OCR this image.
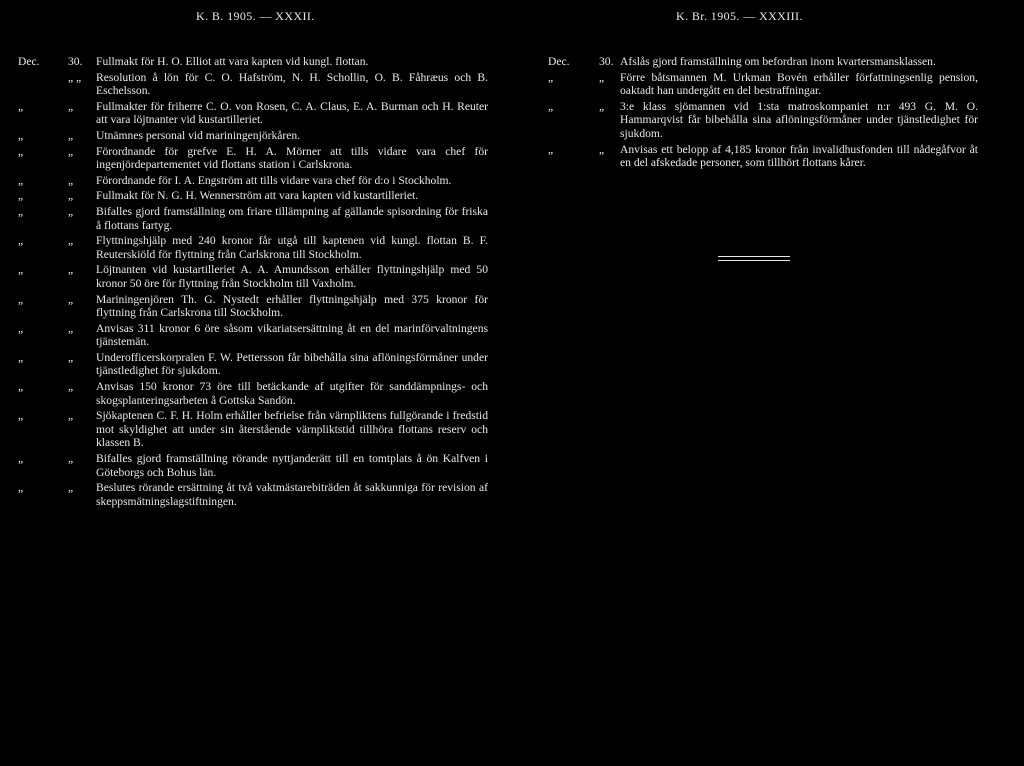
K. B. 1905. — XXXII.	K. Br. 1905. — XXXIII.
Dec.	30.	Fullmakt för H. O. Elliot att vara kapten vid kungl. flottan.
„ „	Resolution å lön för C. O. Hafström, N. H. Schollin, O. B. Fåhræus och B. Eschelsson.
„	„	Fullmakter för friherre C. O. von Rosen, C. A. Claus, E. A. Burman och H. Reuter att vara löjtnanter vid kustartilleriet.
„	„	Utnämnes personal vid mariningenjörkåren.
„	„	Förordnande för grefve E. H. A. Mörner att tills vidare vara chef för ingenjördepartementet vid flottans station i Carlskrona.
„	„	Förordnande för I. A. Engström att tills vidare vara chef för d:o i Stockholm.
„	„	Fullmakt för N. G. H. Wennerström att vara kapten vid kustartilleriet.
„	„	Bifalles gjord framställning om friare tillämpning af gällande spisordning för friska å flottans fartyg.
„	„	Flyttningshjälp med 240 kronor får utgå till kaptenen vid kungl. flottan B. F. Reuterskiöld för flyttning från Carlskrona till Stockholm.
„	„	Löjtnanten vid kustartilleriet A. A. Amundsson erhåller flyttningshjälp med 50 kronor 50 öre för flyttning från Stockholm till Vaxholm.
„	„	Mariningenjören Th. G. Nystedt erhåller flyttningshjälp med 375 kronor för flyttning från Carlskrona till Stockholm.
„	„	Anvisas 311 kronor 6 öre såsom vikariatsersättning åt en del marinförvaltningens tjänstemän.
„	„	Underofficerskorpralen F. W. Pettersson får bibehålla sina aflöningsförmåner under tjänstledighet för sjukdom.
„	„	Anvisas 150 kronor 73 öre till betäckande af utgifter för sanddämpnings- och skogsplanteringsarbeten å Gottska Sandön.
„	„	Sjökaptenen C. F. H. Holm erhåller befrielse från värnpliktens fullgörande i fredstid mot skyldighet att under sin återstående värnpliktstid tillhöra flottans reserv och klassen B.
„	„	Bifalles gjord framställning rörande nyttjanderätt till en tomtplats å ön Kalfven i Göteborgs och Bohus län.
„	„	Beslutes rörande ersättning åt två vaktmästarebiträden åt sakkunniga för revision af skeppsmätningslagstiftningen.
Dec.	30. Afslås gjord framställning om befordran inom kvartersmansklassen.
„	„	Förre båtsmannen M. Urkman Bovén erhåller författningsenlig pension, oaktadt han undergått en del bestraffningar.
„	„	3:e klass sjömannen vid 1:sta matroskompaniet n:r 493 G. M. O. Hammarqvist får bibehålla sina aflöningsförmåner under tjänstledighet för sjukdom.
„	„	Anvisas ett belopp af 4,185 kronor från invalidhusfonden till nådegåfvor åt en del afskedade personer, som tillhört flottans kårer.
